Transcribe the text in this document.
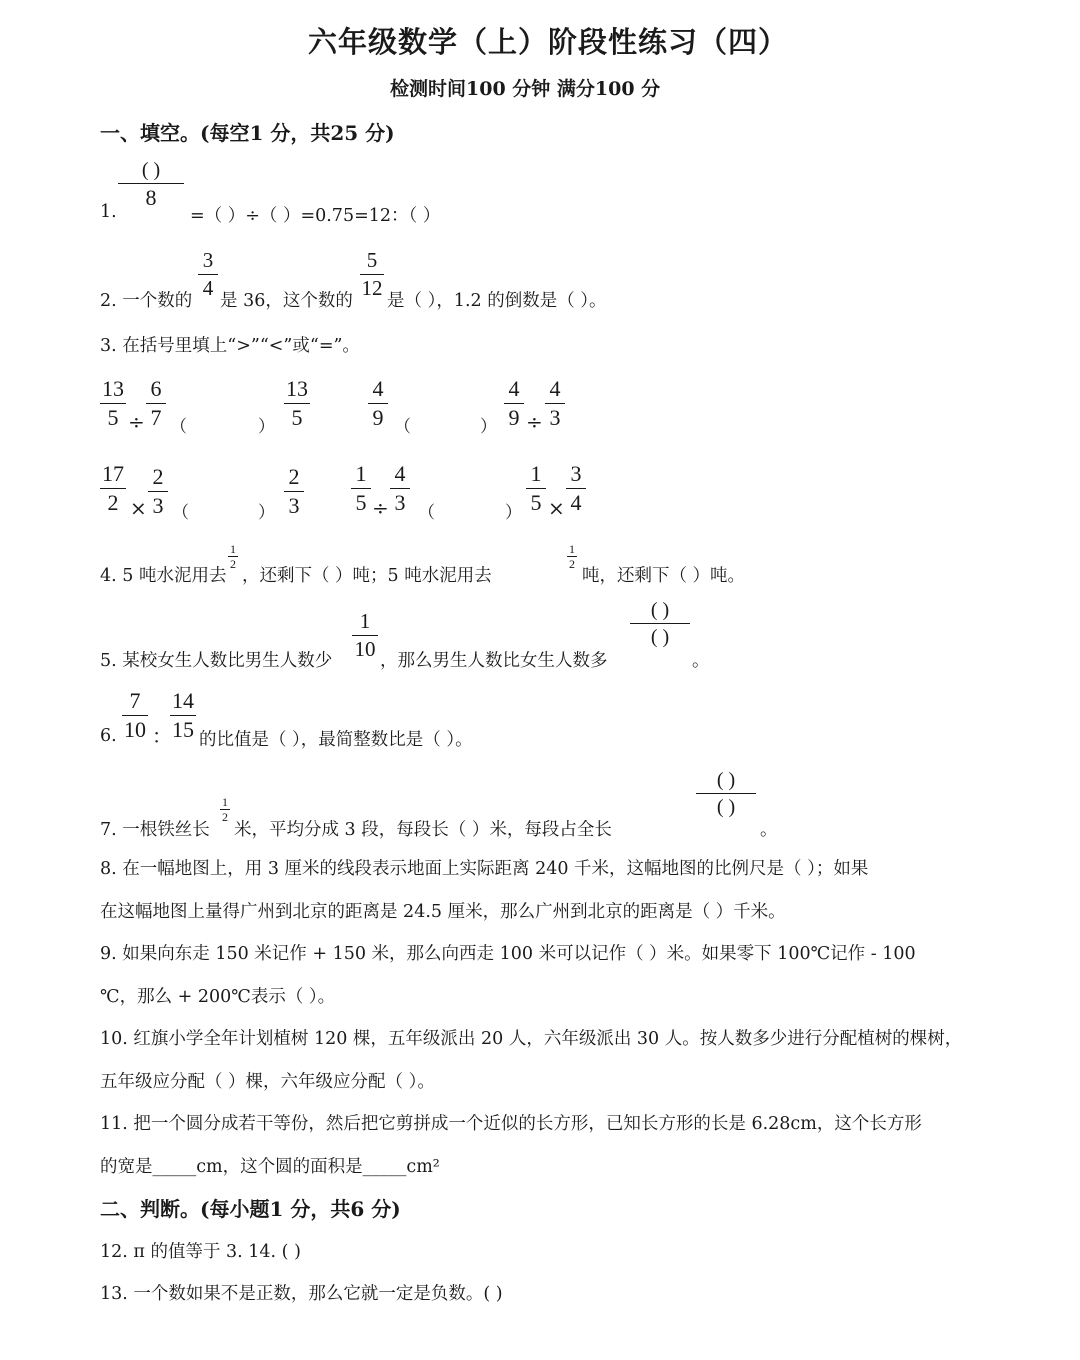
六年级数学（上）阶段性练习（四）
检测时间100 分钟 满分100 分
一、填空。(每空1 分，共25 分)
( )
8
1.	=（ ）÷（ ）=0.75=12：（ ）
2. 一个数的
3
4
是 36，这个数的
5
12
是（ ），1.2 的倒数是（ ）。
3. 在括号里填上“>”“<”或“=”。
13
5 ÷
6
7 （	）
13
5
4
9 （	）
4
9 ÷
4
3
17
2 ×
2
3 （	）
2
3
1
5 ÷
4
3 （	）
1
5 ×
3
4
4. 5 吨水泥用去
1
2
，还剩下（ ）吨；5 吨水泥用去
1
2
吨，还剩下（ ）吨。
5. 某校女生人数比男生人数少
1
10 ，那么男生人数比女生人数多
( )
( )
。
6.
7
10 ：
14
15 的比值是（ ），最简整数比是（ ）。
7. 一根铁丝长
1
2
米，平均分成 3 段，每段长（ ）米，每段占全长
( )
( )
。
8. 在一幅地图上，用 3 厘米的线段表示地面上实际距离 240 千米，这幅地图的比例尺是（ ）；如果
在这幅地图上量得广州到北京的距离是 24.5 厘米，那么广州到北京的距离是（ ）千米。
9. 如果向东走 150 米记作 + 150 米，那么向西走 100 米可以记作（ ）米。如果零下 100℃记作 - 100
℃，那么 + 200℃表示（ ）。
10. 红旗小学全年计划植树 120 棵，五年级派出 20 人，六年级派出 30 人。按人数多少进行分配植树的棵树，
五年级应分配（ ）棵，六年级应分配（ ）。
11. 把一个圆分成若干等份，然后把它剪拼成一个近似的长方形，已知长方形的长是 6.28cm，这个长方形
的宽是_____cm，这个圆的面积是_____cm²
二、判断。(每小题1 分，共6 分)
12. π 的值等于 3. 14. ( )
13. 一个数如果不是正数，那么它就一定是负数。( )
